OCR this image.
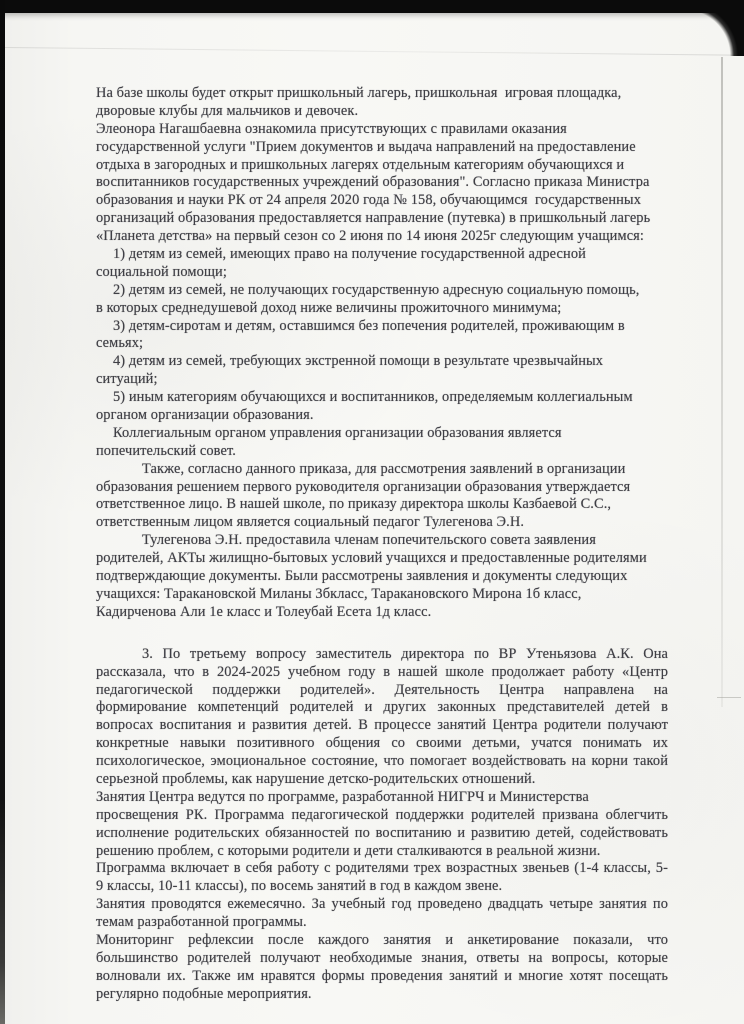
На базе школы будет открыт пришкольный лагерь, пришкольная  игровая площадка,
дворовые клубы для мальчиков и девочек.
Элеонора Нагашбаевна ознакомила присутствующих с правилами оказания
государственной услуги "Прием документов и выдача направлений на предоставление
отдыха в загородных и пришкольных лагерях отдельным категориям обучающихся и
воспитанников государственных учреждений образования". Согласно приказа Министра
образования и науки РК от 24 апреля 2020 года № 158, обучающимся  государственных
организаций образования предоставляется направление (путевка) в пришкольный лагерь
«Планета детства» на первый сезон со 2 июня по 14 июня 2025г следующим учащимся:
1) детям из семей, имеющих право на получение государственной адресной
социальной помощи;
2) детям из семей, не получающих государственную адресную социальную помощь,
в которых среднедушевой доход ниже величины прожиточного минимума;
3) детям-сиротам и детям, оставшимся без попечения родителей, проживающим в
семьях;
4) детям из семей, требующих экстренной помощи в результате чрезвычайных
ситуаций;
5) иным категориям обучающихся и воспитанников, определяемым коллегиальным
органом организации образования.
Коллегиальным органом управления организации образования является
попечительский совет.
Также, согласно данного приказа, для рассмотрения заявлений в организации
образования решением первого руководителя организации образования утверждается
ответственное лицо. В нашей школе, по приказу директора школы Казбаевой С.С.,
ответственным лицом является социальный педагог Тулегенова Э.Н.
Тулегенова Э.Н. предоставила членам попечительского совета заявления
родителей, АКТы жилищно-бытовых условий учащихся и предоставленные родителями
подтверждающие документы. Были рассмотрены заявления и документы следующих
учащихся: Таракановской Миланы 3бкласс, Таракановского Мирона 1б класс,
Кадирченова Али 1е класс и Толеубай Есета 1д класс.
3. По третьему вопросу заместитель директора по ВР Утеньязова А.К. Она
рассказала, что в 2024-2025 учебном году в нашей школе продолжает работу «Центр
педагогической поддержки родителей». Деятельность Центра направлена на
формирование компетенций родителей и других законных представителей детей в
вопросах воспитания и развития детей. В процессе занятий Центра родители получают
конкретные навыки позитивного общения со своими детьми, учатся понимать их
психологическое, эмоциональное состояние, что помогает воздействовать на корни такой
серьезной проблемы, как нарушение детско-родительских отношений.
Занятия Центра ведутся по программе, разработанной НИГРЧ и Министерства
просвещения РК. Программа педагогической поддержки родителей призвана облегчить
исполнение родительских обязанностей по воспитанию и развитию детей, содействовать
решению проблем, с которыми родители и дети сталкиваются в реальной жизни.
Программа включает в себя работу с родителями трех возрастных звеньев (1-4 классы, 5-
9 классы, 10-11 классы), по восемь занятий в год в каждом звене.
Занятия проводятся ежемесячно. За учебный год проведено двадцать четыре занятия по
темам разработанной программы.
Мониторинг рефлексии после каждого занятия и анкетирование показали, что
большинство родителей получают необходимые знания, ответы на вопросы, которые
волновали их. Также им нравятся формы проведения занятий и многие хотят посещать
регулярно подобные мероприятия.
